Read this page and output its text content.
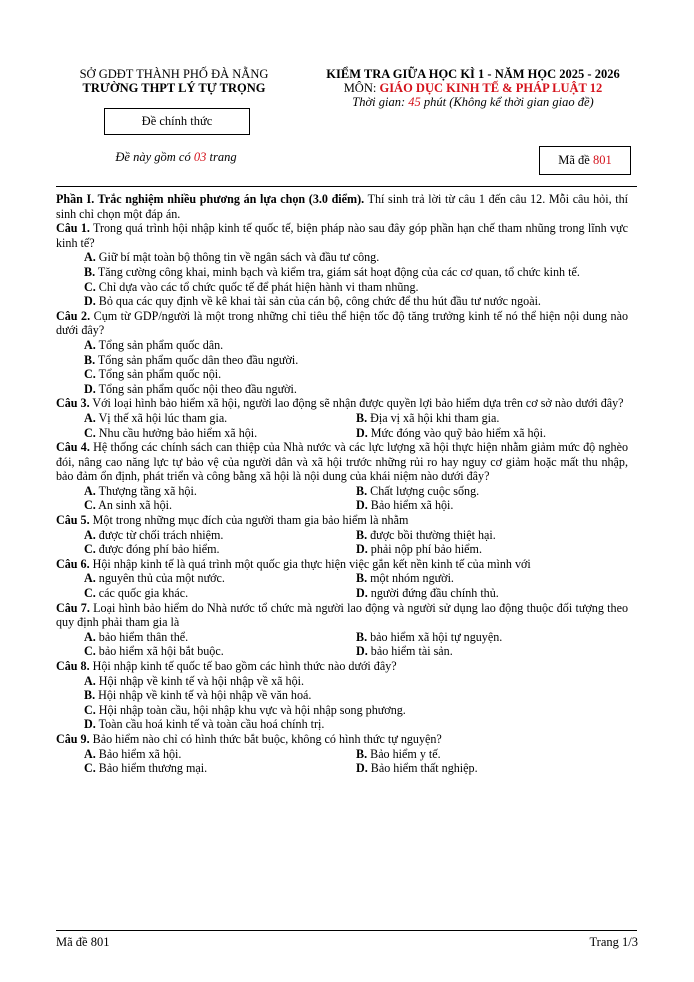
SỞ GDĐT THÀNH PHỐ ĐÀ NẴNG
TRƯỜNG THPT LÝ TỰ TRỌNG
Đề chính thức
Đề này gồm có 03 trang
KIỂM TRA GIỮA HỌC KÌ 1 - NĂM HỌC 2025 - 2026
MÔN: GIÁO DỤC KINH TẾ & PHÁP LUẬT 12
Thời gian: 45 phút (Không kể thời gian giao đề)
Mã đề 801

Phần I. Trắc nghiệm nhiều phương án lựa chọn (3.0 điểm). Thí sinh trả lời từ câu 1 đến câu 12. Mỗi câu hỏi, thí sinh chỉ chọn một đáp án.

Câu 1. Trong quá trình hội nhập kinh tế quốc tế, biện pháp nào sau đây góp phần hạn chế tham nhũng trong lĩnh vực kinh tế?

A. Giữ bí mật toàn bộ thông tin về ngân sách và đầu tư công.

B. Tăng cường công khai, minh bạch và kiểm tra, giám sát hoạt động của các cơ quan, tổ chức kinh tế.

C. Chỉ dựa vào các tổ chức quốc tế để phát hiện hành vi tham nhũng.

D. Bỏ qua các quy định về kê khai tài sản của cán bộ, công chức để thu hút đầu tư nước ngoài.

Câu 2. Cụm từ GDP/người là một trong những chỉ tiêu thể hiện tốc độ tăng trưởng kinh tế nó thể hiện nội dung nào dưới đây?

A. Tổng sản phẩm quốc dân.

B. Tổng sản phẩm quốc dân theo đầu người.

C. Tổng sản phẩm quốc nội.

D. Tổng sản phẩm quốc nội theo đầu người.

Câu 3. Với loại hình bảo hiểm xã hội, người lao động sẽ nhận được quyền lợi bảo hiểm dựa trên cơ sở nào dưới đây?

A. Vị thế xã hội lúc tham gia.	B. Địa vị xã hội khi tham gia.
C. Nhu cầu hưởng bảo hiểm xã hội.	D. Mức đóng vào quỹ bảo hiểm xã hội.

Câu 4. Hệ thống các chính sách can thiệp của Nhà nước và các lực lượng xã hội thực hiện nhằm giảm mức độ nghèo đói, nâng cao năng lực tự bảo vệ của người dân và xã hội trước những rủi ro hay nguy cơ giảm hoặc mất thu nhập, bảo đảm ổn định, phát triển và công bằng xã hội là nội dung của khái niệm nào dưới đây?

A. Thượng tầng xã hội.	B. Chất lượng cuộc sống.
C. An sinh xã hội.	D. Bảo hiểm xã hội.

Câu 5. Một trong những mục đích của người tham gia bảo hiểm là nhằm

A. được từ chối trách nhiệm.	B. được bồi thường thiệt hại.
C. được đóng phí bảo hiểm.	D. phải nộp phí bảo hiểm.

Câu 6. Hội nhập kinh tế là quá trình một quốc gia thực hiện việc gắn kết nền kinh tế của mình với

A. nguyên thủ của một nước.	B. một nhóm người.
C. các quốc gia khác.	D. người đứng đầu chính thủ.

Câu 7. Loại hình bảo hiểm do Nhà nước tổ chức mà người lao động và người sử dụng lao động thuộc đối tượng theo quy định phải tham gia là

A. bảo hiểm thân thể.	B. bảo hiểm xã hội tự nguyện.
C. bảo hiểm xã hội bắt buộc.	D. bảo hiểm tài sản.

Câu 8. Hội nhập kinh tế quốc tế bao gồm các hình thức nào dưới đây?

A. Hội nhập về kinh tế và hội nhập về xã hội.

B. Hội nhập về kinh tế và hội nhập về văn hoá.

C. Hội nhập toàn cầu, hội nhập khu vực và hội nhập song phương.

D. Toàn cầu hoá kinh tế và toàn cầu hoá chính trị.

Câu 9. Bảo hiểm nào chỉ có hình thức bắt buộc, không có hình thức tự nguyện?

A. Bảo hiểm xã hội.	B. Bảo hiểm y tế.
C. Bảo hiểm thương mại.	D. Bảo hiểm thất nghiệp.
Mã đề 801	Trang 1/3
